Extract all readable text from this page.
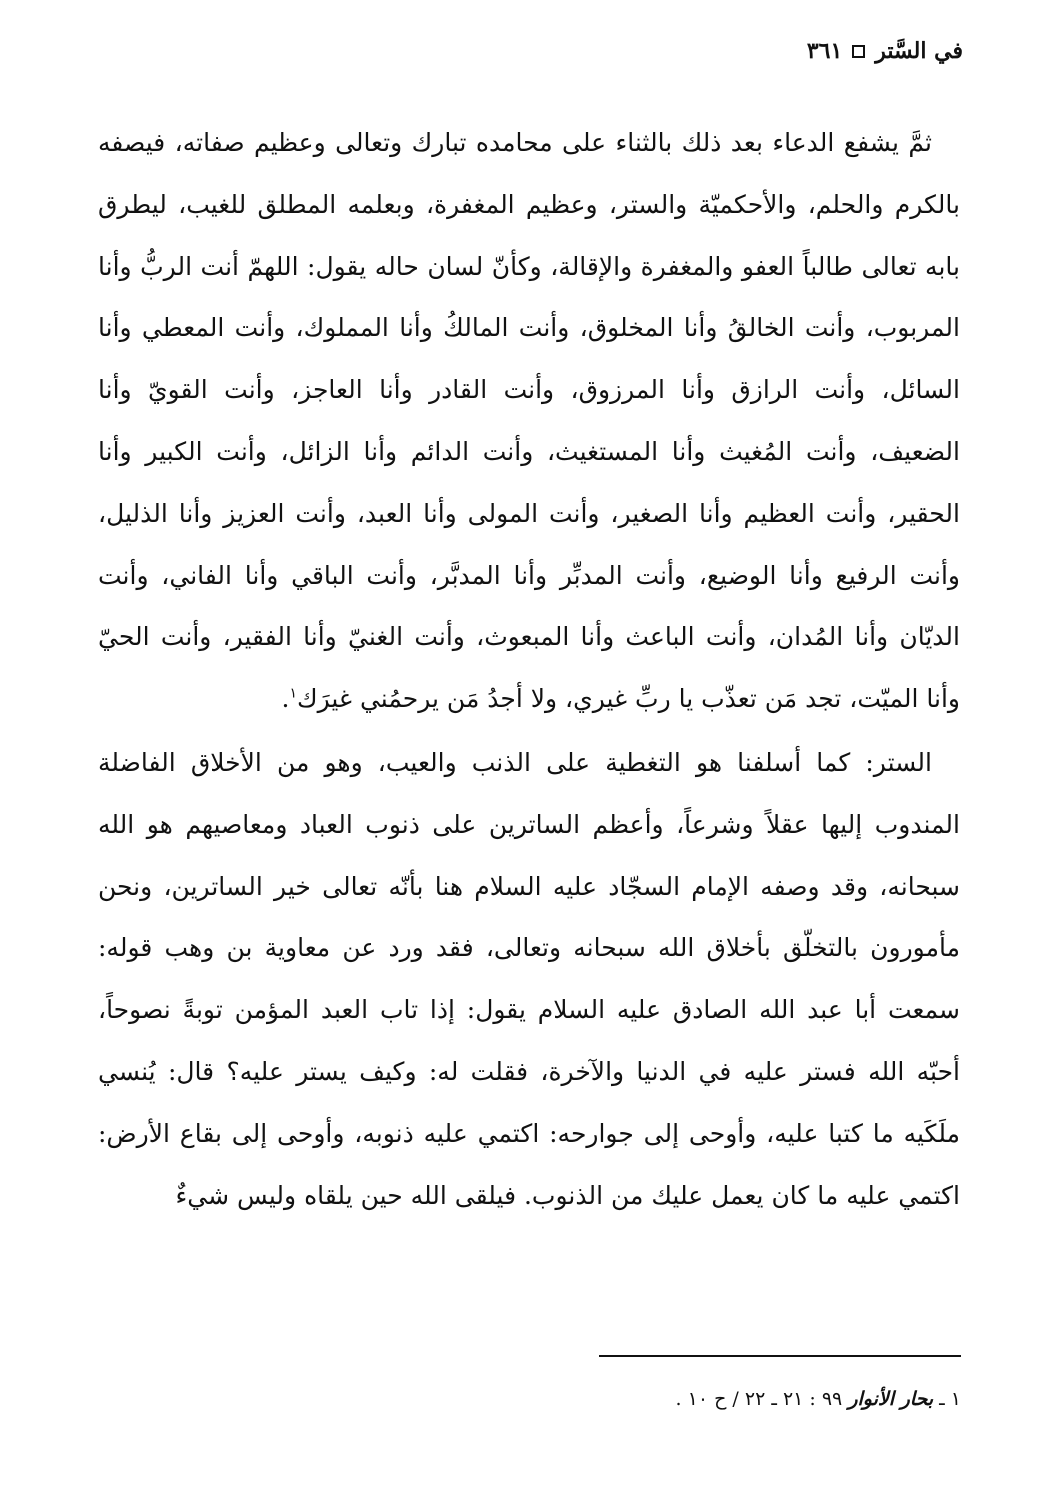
في السَّتر
٣٦١

ثمَّ يشفع الدعاء بعد ذلك بالثناء على محامده تبارك وتعالى وعظيم صفاته، فيصفه بالكرم والحلم، والأحكميّة والستر، وعظيم المغفرة، وبعلمه المطلق للغيب، ليطرق بابه تعالى طالباً العفو والمغفرة والإقالة، وكأنّ لسان حاله يقول: اللهمّ أنت الربُّ وأنا المربوب، وأنت الخالقُ وأنا المخلوق، وأنت المالكُ وأنا المملوك، وأنت المعطي وأنا السائل، وأنت الرازق وأنا المرزوق، وأنت القادر وأنا العاجز، وأنت القويّ وأنا الضعيف، وأنت المُغيث وأنا المستغيث، وأنت الدائم وأنا الزائل، وأنت الكبير وأنا الحقير، وأنت العظيم وأنا الصغير، وأنت المولى وأنا العبد، وأنت العزيز وأنا الذليل، وأنت الرفيع وأنا الوضيع، وأنت المدبِّر وأنا المدبَّر، وأنت الباقي وأنا الفاني، وأنت الديّان وأنا المُدان، وأنت الباعث وأنا المبعوث، وأنت الغنيّ وأنا الفقير، وأنت الحيّ وأنا الميّت، تجد مَن تعذّب يا ربِّ غيري، ولا أجدُ مَن يرحمُني غيرَك$^١$.

الستر: كما أسلفنا هو التغطية على الذنب والعيب، وهو من الأخلاق الفاضلة المندوب إليها عقلاً وشرعاً، وأعظم الساترين على ذنوب العباد ومعاصيهم هو الله سبحانه، وقد وصفه الإمام السجّاد عليه السلام هنا بأنّه تعالى خير الساترين، ونحن مأمورون بالتخلّق بأخلاق الله سبحانه وتعالى، فقد ورد عن معاوية بن وهب قوله: سمعت أبا عبد الله الصادق عليه السلام يقول: إذا تاب العبد المؤمن توبةً نصوحاً، أحبّه الله فستر عليه في الدنيا والآخرة، فقلت له: وكيف يستر عليه؟ قال: يُنسي ملَكَيه ما كتبا عليه، وأوحى إلى جوارحه: اكتمي عليه ذنوبه، وأوحى إلى بقاع الأرض: اكتمي عليه ما كان يعمل عليك من الذنوب. فيلقى الله حين يلقاه وليس شيءٌ

١ ـ بحار الأنوار ٩٩ : ٢١ ـ ٢٢ / ح ١٠ .
